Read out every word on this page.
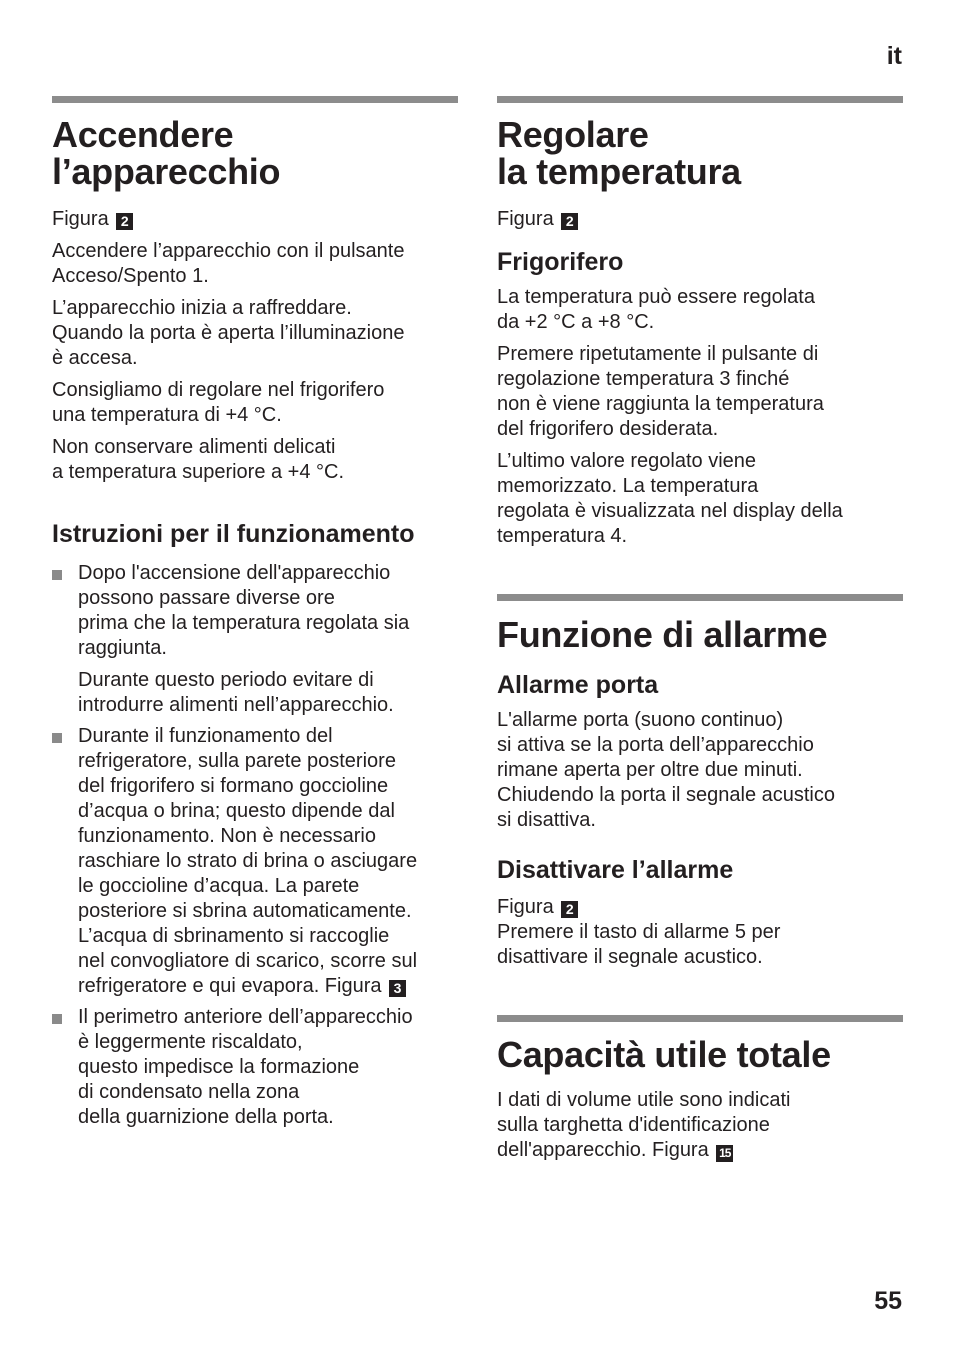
it
Accendere
l’apparecchio

Figura 2

Accendere l’apparecchio con il pulsante
Acceso/Spento 1.

L’apparecchio inizia a raffreddare.
Quando la porta è aperta l’illuminazione
è accesa.

Consigliamo di regolare nel frigorifero
una temperatura di +4 °C.

Non conservare alimenti delicati
a temperatura superiore a +4 °C.

Istruzioni per il funzionamento

Dopo l'accensione dell'apparecchio
possono passare diverse ore
prima che la temperatura regolata sia
raggiunta.

Durante questo periodo evitare di
introdurre alimenti nell’apparecchio.

Durante il funzionamento del
refrigeratore, sulla parete posteriore
del frigorifero si formano goccioline
d’acqua o brina; questo dipende dal
funzionamento. Non è necessario
raschiare lo strato di brina o asciugare
le goccioline d’acqua. La parete
posteriore si sbrina automaticamente.
L’acqua di sbrinamento si raccoglie
nel convogliatore di scarico, scorre sul
refrigeratore e qui evapora. Figura 3

Il perimetro anteriore dell’apparecchio
è leggermente riscaldato,
questo impedisce la formazione
di condensato nella zona
della guarnizione della porta.

Regolare
la temperatura

Figura 2

Frigorifero

La temperatura può essere regolata
da +2 °C a +8 °C.

Premere ripetutamente il pulsante di
regolazione temperatura 3 finché
non è viene raggiunta la temperatura
del frigorifero desiderata.

L’ultimo valore regolato viene
memorizzato. La temperatura
regolata è visualizzata nel display della
temperatura 4.

Funzione di allarme
Allarme porta

L'allarme porta (suono continuo)
si attiva se la porta dell’apparecchio
rimane aperta per oltre due minuti.
Chiudendo la porta il segnale acustico
si disattiva.

Disattivare l’allarme

Figura 2
Premere il tasto di allarme 5 per
disattivare il segnale acustico.

Capacità utile totale

I dati di volume utile sono indicati
sulla targhetta d'identificazione
dell'apparecchio. Figura 15

55
